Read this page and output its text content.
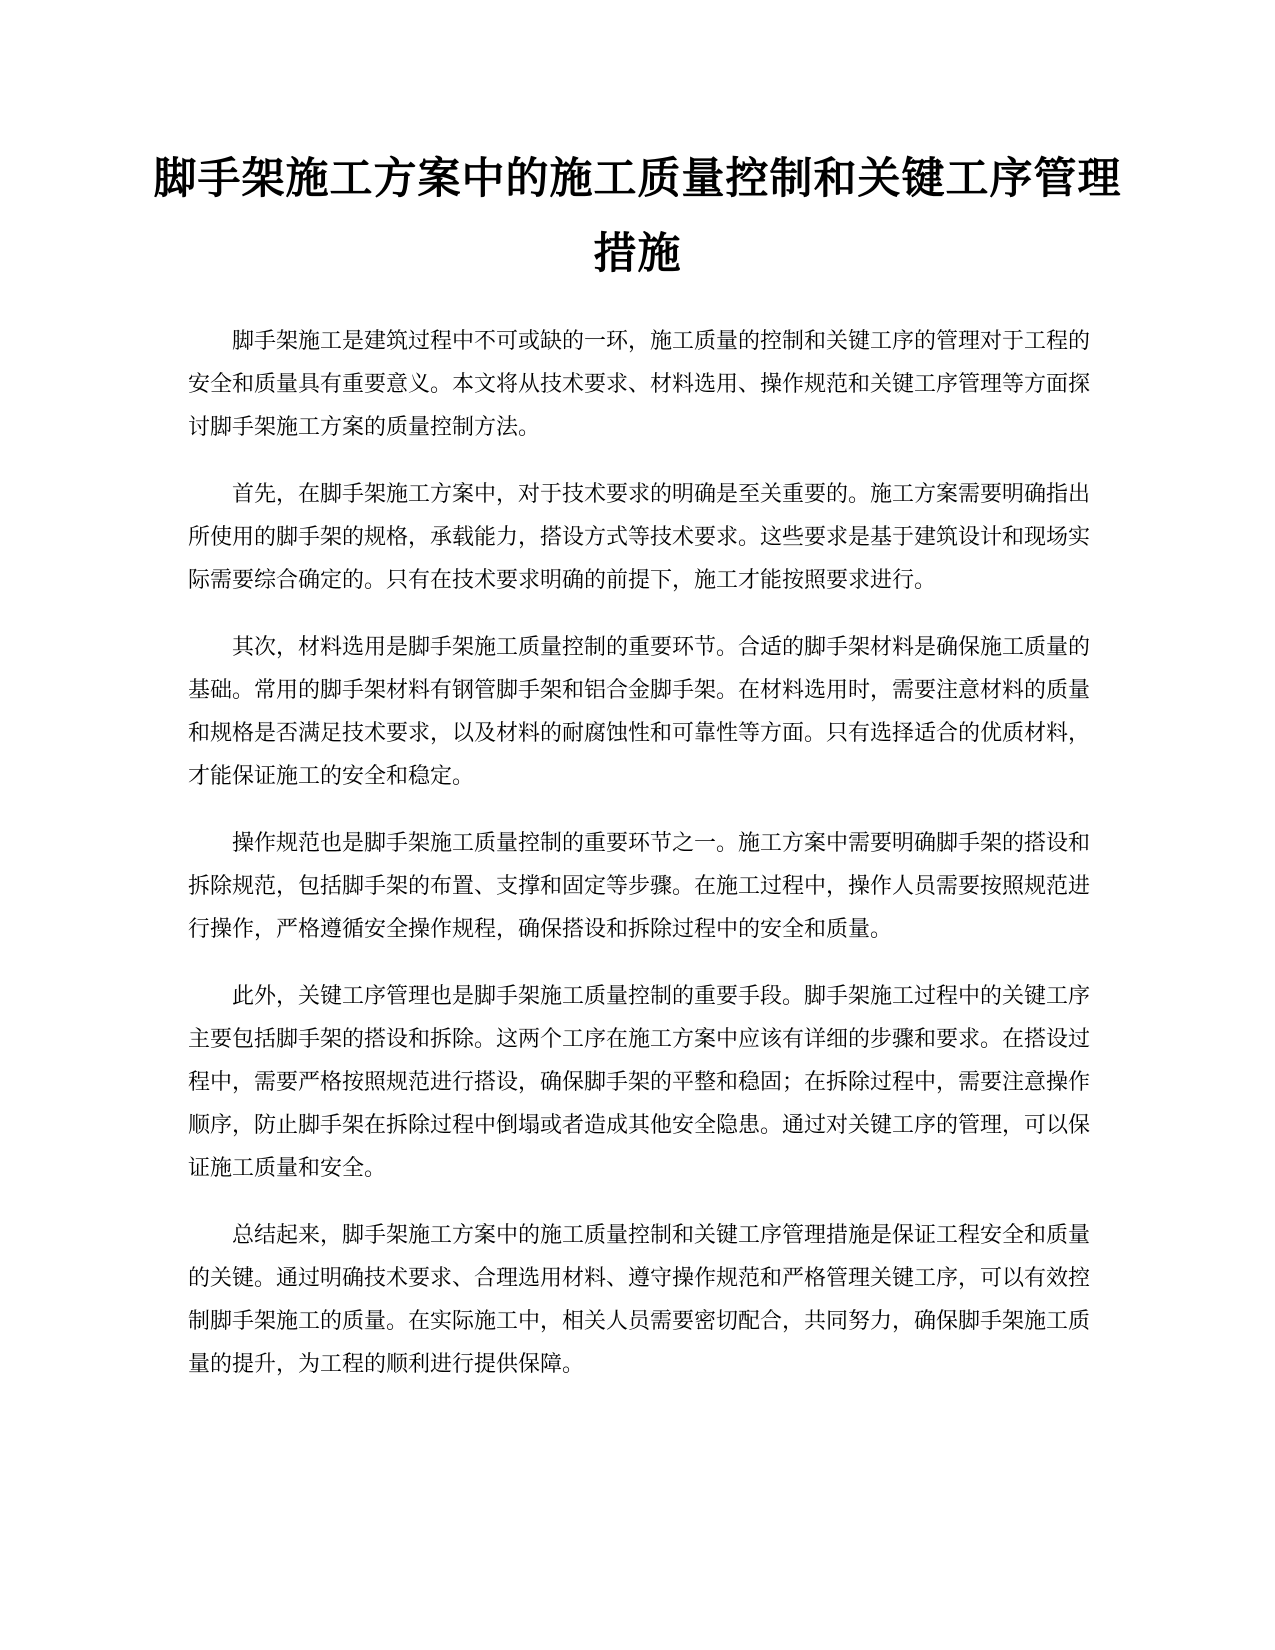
脚手架施工方案中的施工质量控制和关键工序管理措施

脚手架施工是建筑过程中不可或缺的一环，施工质量的控制和关键工序的管理对于工程的安全和质量具有重要意义。本文将从技术要求、材料选用、操作规范和关键工序管理等方面探讨脚手架施工方案的质量控制方法。

首先，在脚手架施工方案中，对于技术要求的明确是至关重要的。施工方案需要明确指出所使用的脚手架的规格，承载能力，搭设方式等技术要求。这些要求是基于建筑设计和现场实际需要综合确定的。只有在技术要求明确的前提下，施工才能按照要求进行。

其次，材料选用是脚手架施工质量控制的重要环节。合适的脚手架材料是确保施工质量的基础。常用的脚手架材料有钢管脚手架和铝合金脚手架。在材料选用时，需要注意材料的质量和规格是否满足技术要求，以及材料的耐腐蚀性和可靠性等方面。只有选择适合的优质材料，才能保证施工的安全和稳定。

操作规范也是脚手架施工质量控制的重要环节之一。施工方案中需要明确脚手架的搭设和拆除规范，包括脚手架的布置、支撑和固定等步骤。在施工过程中，操作人员需要按照规范进行操作，严格遵循安全操作规程，确保搭设和拆除过程中的安全和质量。

此外，关键工序管理也是脚手架施工质量控制的重要手段。脚手架施工过程中的关键工序主要包括脚手架的搭设和拆除。这两个工序在施工方案中应该有详细的步骤和要求。在搭设过程中，需要严格按照规范进行搭设，确保脚手架的平整和稳固；在拆除过程中，需要注意操作顺序，防止脚手架在拆除过程中倒塌或者造成其他安全隐患。通过对关键工序的管理，可以保证施工质量和安全。

总结起来，脚手架施工方案中的施工质量控制和关键工序管理措施是保证工程安全和质量的关键。通过明确技术要求、合理选用材料、遵守操作规范和严格管理关键工序，可以有效控制脚手架施工的质量。在实际施工中，相关人员需要密切配合，共同努力，确保脚手架施工质量的提升，为工程的顺利进行提供保障。
